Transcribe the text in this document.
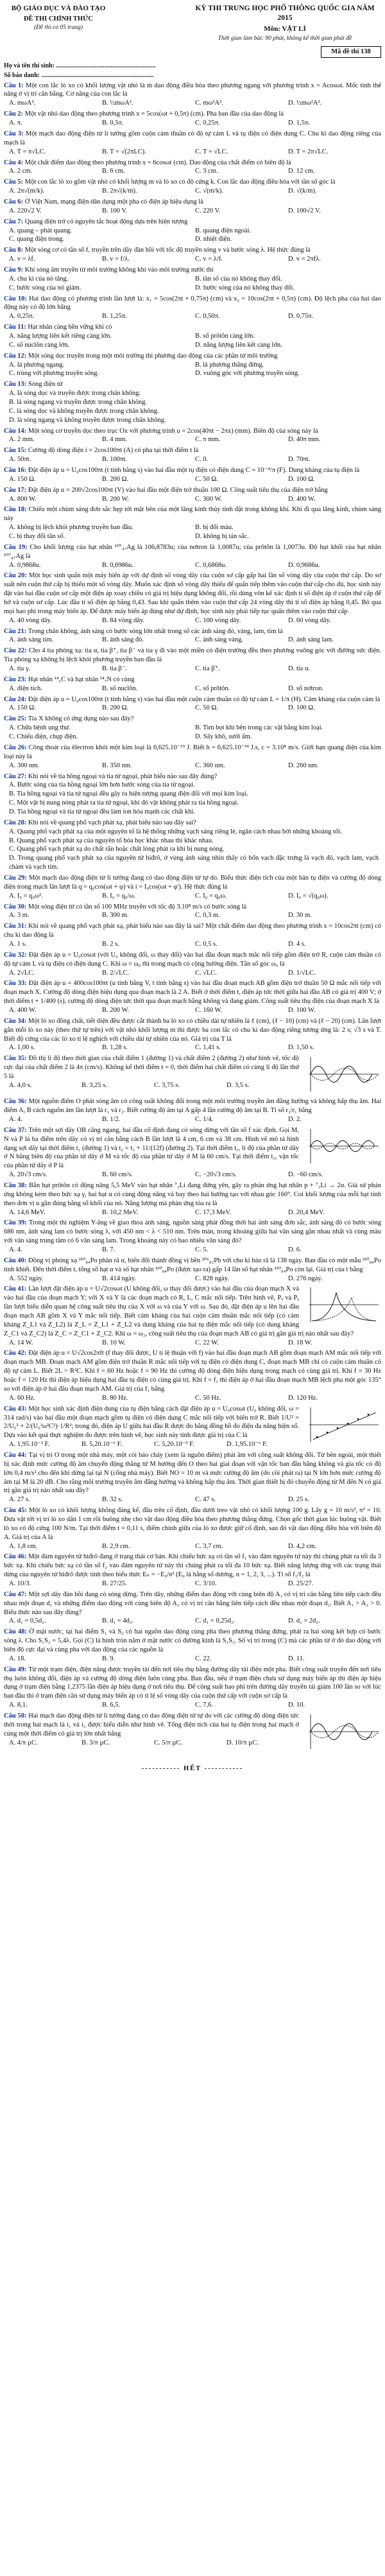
BỘ GIÁO DỤC VÀ ĐÀO TẠO
ĐỀ THI CHÍNH THỨC
(Đề thi có 05 trang)
KỲ THI TRUNG HỌC PHỔ THÔNG QUỐC GIA NĂM 2015
Môn: VẬT LÍ
Thời gian làm bài: 90 phút, không kể thời gian phát đề
Mã đề thi 138
Họ và tên thí sinh: ..............................................................
Số báo danh: ......................................................................
Câu 1: Một con lắc lò xo có khối lượng vật nhỏ là m dao động điều hòa theo phương ngang với phương trình x = Acosωt. Mốc tính thế năng ở vị trí cân bằng. Cơ năng của con lắc là
A. mωA².	B. ½mωA².	C. mω²A².	D. ½mω²A².
Câu 2: Một vật nhỏ dao động theo phương trình x = 5cos(ωt + 0,5π) (cm). Pha ban đầu của dao động là
A. π.	B. 0,5π.	C. 0,25π.	D. 1,5π.
Câu 3: Một mạch dao động điện từ lí tưởng gồm cuộn cảm thuần có độ tự cảm L và tụ điện có điện dung C. Chu kì dao động riêng của mạch là
A. T = π√LC.	B. T = √(2πLC).	C. T = √LC.	D. T = 2π√LC.
Câu 4: Một chất điểm dao động theo phương trình x = 6cosωt (cm). Dao động của chất điểm có biên độ là
A. 2 cm.	B. 6 cm.	C. 3 cm.	D. 12 cm.
Câu 5: Một con lắc lò xo gồm vật nhỏ có khối lượng m và lò xo có độ cứng k. Con lắc dao động điều hòa với tần số góc là
A. 2π√(m/k).	B. 2π√(k/m).	C. √(m/k).	D. √(k/m).
Câu 6: Ở Việt Nam, mạng điện dân dụng một pha có điện áp hiệu dụng là
A. 220√2 V.	B. 100 V.	C. 220 V.	D. 100√2 V.
Câu 7: Quang điện trở có nguyên tắc hoạt động dựa trên hiện tượng
A. quang – phát quang.	B. quang điện ngoài.
C. quang điện trong.	D. nhiệt điện.
Câu 8: Một sóng cơ có tần số f, truyền trên dây đàn hồi với tốc độ truyền sóng v và bước sóng λ. Hệ thức đúng là
A. v = λf.	B. v = f/λ.	C. v = λ/f.	D. v = 2πfλ.
Câu 9: Khi sóng âm truyền từ môi trường không khí vào môi trường nước thì
A. chu kì của nó tăng.	B. tần số của nó không thay đổi.
C. bước sóng của nó giảm.	D. bước sóng của nó không thay đổi.
Câu 10: Hai dao động có phương trình lần lượt là: x₁ = 5cos(2πt + 0,75π) (cm) và x₂ = 10cos(2πt + 0,5π) (cm). Độ lệch pha của hai dao động này có độ lớn bằng
A. 0,25π.	B. 1,25π.	C. 0,50π.	D. 0,75π.
Câu 11: Hạt nhân càng bền vững khi có
A. năng lượng liên kết riêng càng lớn.	B. số prôtôn càng lớn.
C. số nuclôn càng lớn.	D. năng lượng liên kết càng lớn.
Câu 12: Một sóng dọc truyền trong một môi trường thì phương dao động của các phần tử môi trường
A. là phương ngang.	B. là phương thẳng đứng.
C. trùng với phương truyền sóng.	D. vuông góc với phương truyền sóng.
Câu 13: Sóng điện từ
A. là sóng dọc và truyền được trong chân không.
B. là sóng ngang và truyền được trong chân không.
C. là sóng dọc và không truyền được trong chân không.
D. là sóng ngang và không truyền được trong chân không.
Câu 14: Một sóng cơ truyền dọc theo trục Ox với phương trình u = 2cos(40πt − 2πx) (mm). Biên độ của sóng này là
A. 2 mm.	B. 4 mm.	C. π mm.	D. 40π mm.
Câu 15: Cường độ dòng điện i = 2cos100πt (A) có pha tại thời điểm t là
A. 50πt.	B. 100πt.	C. 0.	D. 70πt.
Câu 16: Đặt điện áp u = U₀cos100πt (t tính bằng s) vào hai đầu một tụ điện có điện dung C = 10⁻⁴/π (F). Dung kháng của tụ điện là
A. 150 Ω.	B. 200 Ω.	C. 50 Ω.	D. 100 Ω.
Câu 17: Đặt điện áp u = 200√2cos100πt (V) vào hai đầu một điện trở thuần 100 Ω. Công suất tiêu thụ của điện trở bằng
A. 800 W.	B. 200 W.	C. 300 W.	D. 400 W.
Câu 18: Chiếu một chùm sáng đơn sắc hẹp tới mặt bên của một lăng kính thủy tinh đặt trong không khí. Khi đi qua lăng kính, chùm sáng này
A. không bị lệch khỏi phương truyền ban đầu.	B. bị đổi màu.
C. bị thay đổi tần số.	D. không bị tán sắc.
Câu 19: Cho khối lượng của hạt nhân ¹⁰⁷₄₇Ag là 106,8783u; của nơtron là 1,0087u; của prôtôn là 1,0073u. Độ hụt khối của hạt nhân ¹⁰⁷₄₇Ag là
A. 0,9868u.	B. 0,6986u.	C. 0,6868u.	D. 0,9686u.
Câu 20: Một học sinh quấn một máy biến áp với dự định số vòng dây của cuộn sơ cấp gấp hai lần số vòng dây của cuộn thứ cấp. Do sơ suất nên cuộn thứ cấp bị thiếu một số vòng dây. Muốn xác định số vòng dây thiếu để quấn tiếp thêm vào cuộn thứ cấp cho đủ, học sinh này đặt vào hai đầu cuộn sơ cấp một điện áp xoay chiều có giá trị hiệu dụng không đổi, rồi dùng vôn kế xác định tỉ số điện áp ở cuộn thứ cấp để hở và cuộn sơ cấp. Lúc đầu tỉ số điện áp bằng 0,43. Sau khi quấn thêm vào cuộn thứ cấp 24 vòng dây thì tỉ số điện áp bằng 0,45. Bỏ qua mọi hao phí trong máy biến áp. Để được máy biến áp đúng như dự định, học sinh này phải tiếp tục quấn thêm vào cuộn thứ cấp
A. 40 vòng dây.	B. 84 vòng dây.	C. 100 vòng dây.	D. 60 vòng dây.
Câu 21: Trong chân không, ánh sáng có bước sóng lớn nhất trong số các ánh sáng đỏ, vàng, lam, tím là
A. ánh sáng tím.	B. ánh sáng đỏ.	C. ánh sáng vàng.	D. ánh sáng lam.
Câu 22: Cho 4 tia phóng xạ: tia α, tia β⁺, tia β⁻ và tia γ đi vào một miền có điện trường đều theo phương vuông góc với đường sức điện. Tia phóng xạ không bị lệch khỏi phương truyền ban đầu là
A. tia γ.	B. tia β⁻.	C. tia β⁺.	D. tia α.
Câu 23: Hạt nhân ¹⁴₆C và hạt nhân ¹⁴₇N có cùng
A. điện tích.	B. số nuclôn.	C. số prôtôn.	D. số nơtron.
Câu 24: Đặt điện áp u = U₀cos100πt (t tính bằng s) vào hai đầu một cuộn cảm thuần có độ tự cảm L = 1/π (H). Cảm kháng của cuộn cảm là
A. 150 Ω.	B. 200 Ω.	C. 50 Ω.	D. 100 Ω.
Câu 25: Tia X không có ứng dụng nào sau đây?
A. Chữa bệnh ung thư.	B. Tìm bọt khí bên trong các vật bằng kim loại.
C. Chiếu điện, chụp điện.	D. Sấy khô, sưởi ấm.
Câu 26: Công thoát của êlectron khỏi một kim loại là 6,625.10⁻¹⁹ J. Biết h = 6,625.10⁻³⁴ J.s, c = 3.10⁸ m/s. Giới hạn quang điện của kim loại này là
A. 300 nm.	B. 350 nm.	C. 360 nm.	D. 260 nm.
Câu 27: Khi nói về tia hồng ngoại và tia tử ngoại, phát biểu nào sau đây đúng?
A. Bước sóng của tia hồng ngoại lớn hơn bước sóng của tia tử ngoại.
B. Tia hồng ngoại và tia tử ngoại đều gây ra hiện tượng quang điện đối với mọi kim loại.
C. Một vật bị nung nóng phát ra tia tử ngoại, khi đó vật không phát ra tia hồng ngoại.
D. Tia hồng ngoại và tia tử ngoại đều làm ion hóa mạnh các chất khí.
Câu 28: Khi nói về quang phổ vạch phát xạ, phát biểu nào sau đây sai?
A. Quang phổ vạch phát xạ của một nguyên tố là hệ thống những vạch sáng riêng lẻ, ngăn cách nhau bởi những khoảng tối.
B. Quang phổ vạch phát xạ của nguyên tố hóa học khác nhau thì khác nhau.
C. Quang phổ vạch phát xạ do chất rắn hoặc chất lỏng phát ra khi bị nung nóng.
D. Trong quang phổ vạch phát xạ của nguyên tử hiđrô, ở vùng ánh sáng nhìn thấy có bốn vạch đặc trưng là vạch đỏ, vạch lam, vạch chàm và vạch tím.
Câu 29: Một mạch dao động điện từ lí tưởng đang có dao động điện từ tự do. Biểu thức điện tích của một bản tụ điện và cường độ dòng điện trong mạch lần lượt là q = q₀cos(ωt + φ) và i = I₀cos(ωt + φ'). Hệ thức đúng là
A. I₀ = q₀ω².	B. I₀ = q₀/ω.	C. I₀ = q₀ω.	D. I₀ = √(q₀ω).
Câu 30: Một sóng điện từ có tần số 100 MHz truyền với tốc độ 3.10⁸ m/s có bước sóng là
A. 3 m.	B. 300 m.	C. 0,3 m.	D. 30 m.
Câu 31: Khi nói về quang phổ vạch phát xạ, phát biểu nào sau đây là sai? Một chất điểm dao động theo phương trình x = 10cos2πt (cm) có chu kì dao động là
A. 1 s.	B. 2 s.	C. 0,5 s.	D. 4 s.
Câu 32: Đặt điện áp u = U₀cosωt (với U₀ không đổi, ω thay đổi) vào hai đầu đoạn mạch mắc nối tiếp gồm điện trở R, cuộn cảm thuần có độ tự cảm L và tụ điện có điện dung C. Khi ω = ω₀ thì trong mạch có cộng hưởng điện. Tần số góc ω₀ là
A. 2√LC.	B. 2/√LC.	C. √LC.	D. 1/√LC.
Câu 33: Đặt điện áp u = 400cos100πt (u tính bằng V, t tính bằng s) vào hai đầu đoạn mạch AB gồm điện trở thuần 50 Ω mắc nối tiếp với đoạn mạch X. Cường độ dòng điện hiệu dụng qua đoạn mạch là 2 A. Biết ở thời điểm t, điện áp tức thời giữa hai đầu AB có giá trị 400 V; ở thời điểm t + 1/400 (s), cường độ dòng điện tức thời qua đoạn mạch bằng không và đang giảm. Công suất tiêu thụ điện của đoạn mạch X là
A. 400 W.	B. 200 W.	C. 160 W.	D. 100 W.
Câu 34: Một lò xo đồng chất, tiết diện đều được cắt thành ba lò xo có chiều dài tự nhiên là ℓ (cm), (ℓ − 10) (cm) và (ℓ − 20) (cm). Lần lượt gắn mỗi lò xo này (theo thứ tự trên) với vật nhỏ khối lượng m thì được ba con lắc có chu kì dao động riêng tương ứng là: 2 s; √3 s và T. Biết độ cứng của các lò xo tỉ lệ nghịch với chiều dài tự nhiên của nó. Giá trị của T là
A. 1,00 s.	B. 1,28 s.	C. 1,41 s.	D. 1,50 s.
Câu 35: Đồ thị li độ theo thời gian của chất điểm 1 (đường 1) và chất điểm 2 (đường 2) như hình vẽ, tốc độ cực đại của chất điểm 2 là 4π (cm/s). Không kể thời điểm t = 0, thời điểm hai chất điểm có cùng li độ lần thứ 5 là
A. 4,0 s.	B. 3,25 s.	C. 3,75 s.	D. 3,5 s.
Câu 36: Một nguồn điểm O phát sóng âm có công suất không đổi trong một môi trường truyền âm đẳng hướng và không hấp thụ âm. Hai điểm A, B cách nguồn âm lần lượt là r₁ và r₂. Biết cường độ âm tại A gấp 4 lần cường độ âm tại B. Tỉ số r₂/r₁ bằng
A. 4.	B. 1/2.	C. 1/4.	D. 2.
Câu 37: Trên một sợi dây OB căng ngang, hai đầu cố định đang có sóng dừng với tần số f xác định. Gọi M, N và P là ba điểm trên dây có vị trí cân bằng cách B lần lượt là 4 cm, 6 cm và 38 cm. Hình vẽ mô tả hình dạng sợi dây tại thời điểm t₁ (đường 1) và t₂ = t₁ + 11/(12f) (đường 2). Tại thời điểm t₁, li độ của phần tử dây ở N bằng biên độ của phần tử dây ở M và tốc độ của phần tử dây ở M là 60 cm/s. Tại thời điểm t₂, vận tốc của phần tử dây ở P là
A. 20√3 cm/s.	B. 60 cm/s.	C. −20√3 cm/s.	D. −60 cm/s.
Câu 38: Bắn hạt prôtôn có động năng 5,5 MeV vào hạt nhân ⁷₃Li đang đứng yên, gây ra phản ứng hạt nhân p + ⁷₃Li → 2α. Giả sử phản ứng không kèm theo bức xạ γ, hai hạt α có cùng động năng và bay theo hai hướng tạo với nhau góc 160°. Coi khối lượng của mỗi hạt tính theo đơn vị u gần đúng bằng số khối của nó. Năng lượng mà phản ứng tỏa ra là
A. 14,6 MeV.	B. 10,2 MeV.	C. 17,3 MeV.	D. 20,4 MeV.
Câu 39: Trong một thí nghiệm Y-âng về giao thoa ánh sáng, nguồn sáng phát đồng thời hai ánh sáng đơn sắc, ánh sáng đỏ có bước sóng 686 nm, ánh sáng lam có bước sóng λ, với 450 nm < λ < 510 nm. Trên màn, trong khoảng giữa hai vân sáng gần nhau nhất và cùng màu với vân sáng trung tâm có 6 vân sáng lam. Trong khoảng này có bao nhiêu vân sáng đỏ?
A. 4.	B. 7.	C. 5.	D. 6.
Câu 40: Đồng vị phóng xạ ²¹⁰₈₄Po phân rã α, biến đổi thành đồng vị bền ²⁰⁶₈₂Pb với chu kì bán rã là 138 ngày. Ban đầu có một mẫu ²¹⁰₈₄Po tinh khiết. Đến thời điểm t, tổng số hạt α và số hạt nhân ²¹⁰₈₄Po (được tạo ra) gấp 14 lần số hạt nhân ²¹⁰₈₄Po còn lại. Giá trị của t bằng
A. 552 ngày.	B. 414 ngày.	C. 828 ngày.	D. 276 ngày.
Câu 41: Lần lượt đặt điện áp u = U√2cosωt (U không đổi, ω thay đổi được) vào hai đầu của đoạn mạch X và vào hai đầu của đoạn mạch Y; với X và Y là các đoạn mạch có R, L, C mắc nối tiếp. Trên hình vẽ, Pₓ và Pᵧ lần lượt biểu diễn quan hệ công suất tiêu thụ của X với ω và của Y với ω. Sau đó, đặt điện áp u lên hai đầu đoạn mạch AB gồm X và Y mắc nối tiếp. Biết cảm kháng của hai cuộn cảm thuần mắc nối tiếp (có cảm kháng Z_L1 và Z_L2) là Z_L = Z_L1 + Z_L2 và dung kháng của hai tụ điện mắc nối tiếp (có dung kháng Z_C1 và Z_C2) là Z_C = Z_C1 + Z_C2. Khi ω = ω₂, công suất tiêu thụ của đoạn mạch AB có giá trị gần giá trị nào nhất sau đây?
A. 14 W.	B. 10 W.	C. 22 W.	D. 18 W.
Câu 42: Đặt điện áp u = U√2cos2πft (f thay đổi được, U tỉ lệ thuận với f) vào hai đầu đoạn mạch AB gồm đoạn mạch AM mắc nối tiếp với đoạn mạch MB. Đoạn mạch AM gồm điện trở thuần R mắc nối tiếp với tụ điện có điện dung C, đoạn mạch MB chỉ có cuộn cảm thuần có độ tự cảm L. Biết 2L > R²C. Khi f = 60 Hz hoặc f = 90 Hz thì cường độ dòng điện hiệu dụng trong mạch có cùng giá trị. Khi f = 30 Hz hoặc f = 120 Hz thì điện áp hiệu dụng hai đầu tụ điện có cùng giá trị. Khi f = f₁ thì điện áp ở hai đầu đoạn mạch MB lệch pha một góc 135° so với điện áp ở hai đầu đoạn mạch AM. Giá trị của f₁ bằng
A. 60 Hz.	B. 80 Hz.	C. 50 Hz.	D. 120 Hz.
Câu 43: Một học sinh xác định điện dung của tụ điện bằng cách đặt điện áp u = U₀cosωt (U₀ không đổi, ω = 314 rad/s) vào hai đầu một đoạn mạch gồm tụ điện có điện dung C mắc nối tiếp với biến trở R. Biết 1/U² = 2/U₀² + 2/(U₀²ω²C²)·1/R²; trong đó, điện áp U giữa hai đầu R được đo bằng đồng hồ đo điện đa năng hiện số. Dựa vào kết quả thực nghiệm đo được trên hình vẽ, học sinh này tính được giá trị của C là
A. 1,95.10⁻³ F.	B. 5,20.10⁻⁶ F.	C. 5,20.10⁻³ F.	D. 1,95.10⁻⁶ F.
Câu 44: Tại vị trí O trong một nhà máy, một còi báo cháy (xem là nguồn điểm) phát âm với công suất không đổi. Từ bên ngoài, một thiết bị xác định mức cường độ âm chuyển động thẳng từ M hướng đến O theo hai giai đoạn với vận tốc ban đầu bằng không và gia tốc có độ lớn 0,4 m/s² cho đến khi dừng lại tại N (cổng nhà máy). Biết NO = 10 m và mức cường độ âm (do còi phát ra) tại N lớn hơn mức cường độ âm tại M là 20 dB. Cho rằng môi trường truyền âm đẳng hướng và không hấp thụ âm. Thời gian thiết bị đó chuyển động từ M đến N có giá trị gần giá trị nào nhất sau đây?
A. 27 s.	B. 32 s.	C. 47 s.	D. 25 s.
Câu 45: Một lò xo có khối lượng không đáng kể, đầu trên cố định, đầu dưới treo vật nhỏ có khối lượng 100 g. Lấy g = 10 m/s², π² = 10. Đưa vật tới vị trí lò xo dãn 1 cm rồi buông nhẹ cho vật dao động điều hòa theo phương thẳng đứng. Chọn gốc thời gian lúc buông vật. Biết lò xo có độ cứng 100 N/m. Tại thời điểm t = 0,11 s, điểm chính giữa của lò xo được giữ cố định, sau đó vật dao động điều hòa với biên độ A. Giá trị của A là
A. 1,8 cm.	B. 2,9 cm.	C. 3,7 cm.	D. 4,2 cm.
Câu 46: Một đám nguyên tử hiđrô đang ở trạng thái cơ bản. Khi chiếu bức xạ có tần số f₁ vào đám nguyên tử này thì chúng phát ra tối đa 3 bức xạ. Khi chiếu bức xạ có tần số f₂ vào đám nguyên tử này thì chúng phát ra tối đa 10 bức xạ. Biết năng lượng ứng với các trạng thái dừng của nguyên tử hiđrô được tính theo biểu thức Eₙ = −E₀/n² (E₀ là hằng số dương, n = 1, 2, 3, ...). Tỉ số f₁/f₂ là
A. 10/3.	B. 27/25.	C. 3/10.	D. 25/27.
Câu 47: Một sợi dây đàn hồi đang có sóng dừng. Trên dây, những điểm dao động với cùng biên độ A₁ có vị trí cân bằng liên tiếp cách đều nhau một đoạn d₁ và những điểm dao động với cùng biên độ A₂ có vị trí cân bằng liên tiếp cách đều nhau một đoạn d₂. Biết A₁ > A₂ > 0. Biểu thức nào sau đây đúng?
A. d₁ = 0,5d₂.	B. d₁ = 4d₂.	C. d₁ = 0,25d₂.	D. d₁ = 2d₂.
Câu 48: Ở mặt nước, tại hai điểm S₁ và S₂ có hai nguồn dao động cùng pha theo phương thẳng đứng, phát ra hai sóng kết hợp có bước sóng λ. Cho S₁S₂ = 5,4λ. Gọi (C) là hình tròn nằm ở mặt nước có đường kính là S₁S₂. Số vị trí trong (C) mà các phần tử ở đó dao động với biên độ cực đại và cùng pha với dao động của các nguồn là
A. 18.	B. 9.	C. 22.	D. 11.
Câu 49: Từ một trạm điện, điện năng được truyền tải đến nơi tiêu thụ bằng đường dây tải điện một pha. Biết công suất truyền đến nơi tiêu thụ luôn không đổi, điện áp và cường độ dòng điện luôn cùng pha. Ban đầu, nếu ở trạm điện chưa sử dụng máy biến áp thì điện áp hiệu dụng ở trạm điện bằng 1,2375 lần điện áp hiệu dụng ở nơi tiêu thụ. Để công suất hao phí trên đường dây truyền tải giảm 100 lần so với lúc ban đầu thì ở trạm điện cần sử dụng máy biến áp có tỉ lệ số vòng dây của cuộn thứ cấp với cuộn sơ cấp là
A. 8,1.	B. 6,5.	C. 7,6.	D. 10.
Câu 50: Hai mạch dao động điện từ lí tưởng đang có dao động điện từ tự do với các cường độ dòng điện tức thời trong hai mạch là i₁ và i₂ được biểu diễn như hình vẽ. Tổng điện tích của hai tụ điện trong hai mạch ở cùng một thời điểm có giá trị lớn nhất bằng
A. 4/π µC.	B. 3/π µC.	C. 5/π µC.	D. 10/π µC.
----------- HẾT -----------
